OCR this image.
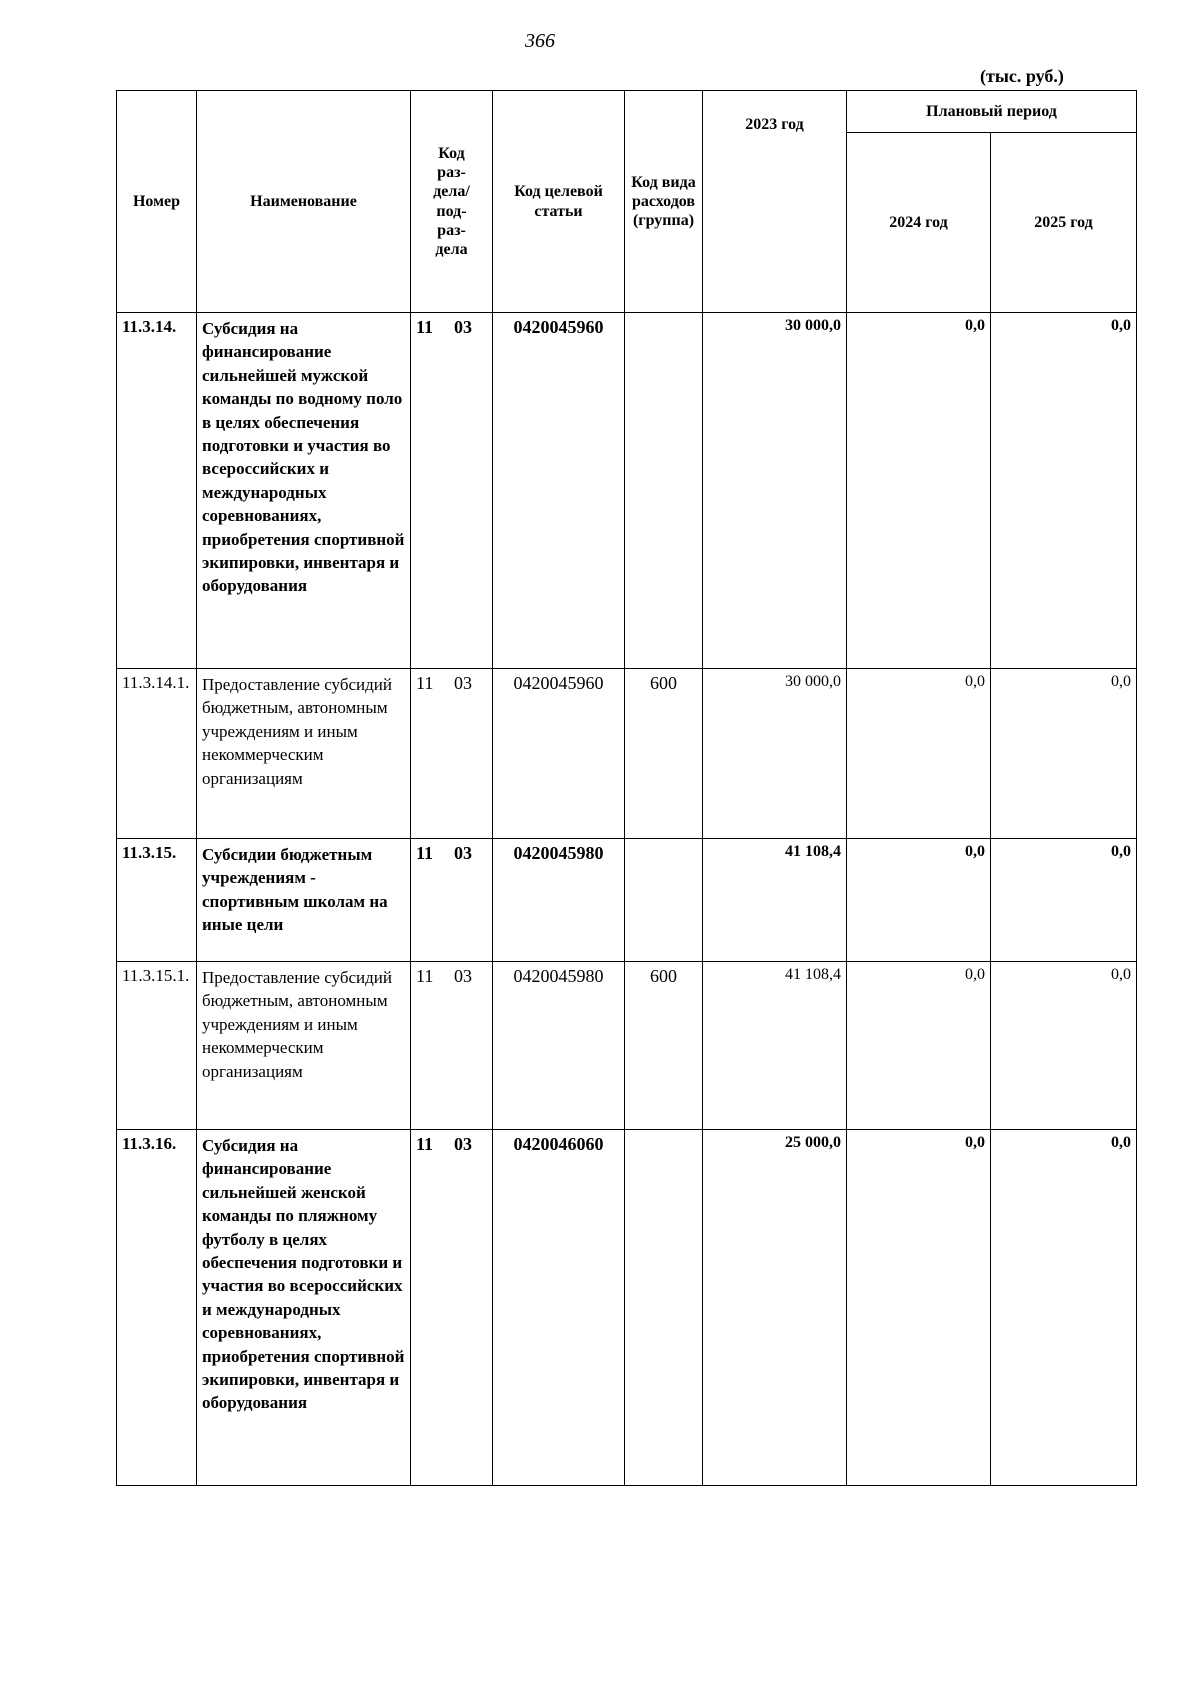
366
(тыс. руб.)
Номер	Наименование	Код раз- дела/ под- раз- дела	Код целевой статьи	Код вида расходов (группа)	2023 год	Плановый период	
						2024 год	2025 год
11.3.14.	Субсидия на финансирование сильнейшей мужской команды по водному поло в целях обеспечения подготовки и участия во всероссийских и международных соревнованиях, приобретения спортивной экипировки, инвентаря и оборудования	11 03	0420045960		30 000,0	0,0	0,0
11.3.14.1.	Предоставление субсидий бюджетным, автономным учреждениям и иным некоммерческим организациям	11 03	0420045960	600	30 000,0	0,0	0,0
11.3.15.	Субсидии бюджетным учреждениям - спортивным школам на иные цели	11 03	0420045980		41 108,4	0,0	0,0
11.3.15.1.	Предоставление субсидий бюджетным, автономным учреждениям и иным некоммерческим организациям	11 03	0420045980	600	41 108,4	0,0	0,0
11.3.16.	Субсидия на финансирование сильнейшей женской команды по пляжному футболу в целях обеспечения подготовки и участия во всероссийских и международных соревнованиях, приобретения спортивной экипировки, инвентаря и оборудования	11 03	0420046060		25 000,0	0,0	0,0
